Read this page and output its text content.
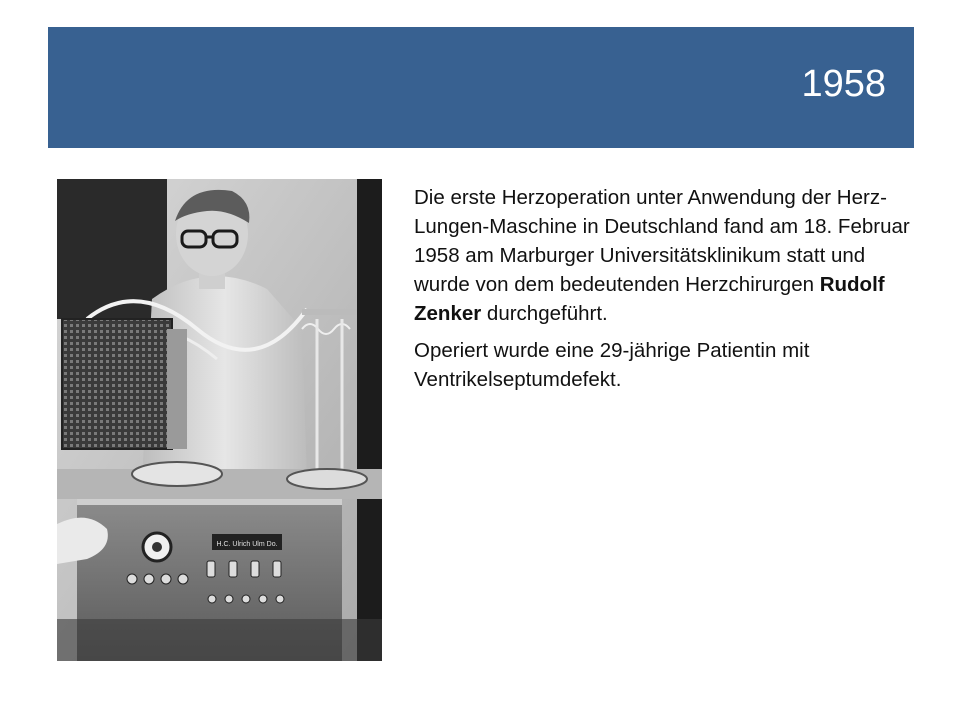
1958
H.C. Ulrich Ulm Do.

Die erste Herzoperation unter Anwendung der Herz-Lungen-Maschine in Deutschland fand am 18. Februar 1958 am Marburger Universitätsklinikum statt und wurde von dem bedeutenden Herzchirurgen Rudolf Zenker durchgeführt.

Operiert wurde eine 29-jährige Patientin mit Ventrikelseptumdefekt.
